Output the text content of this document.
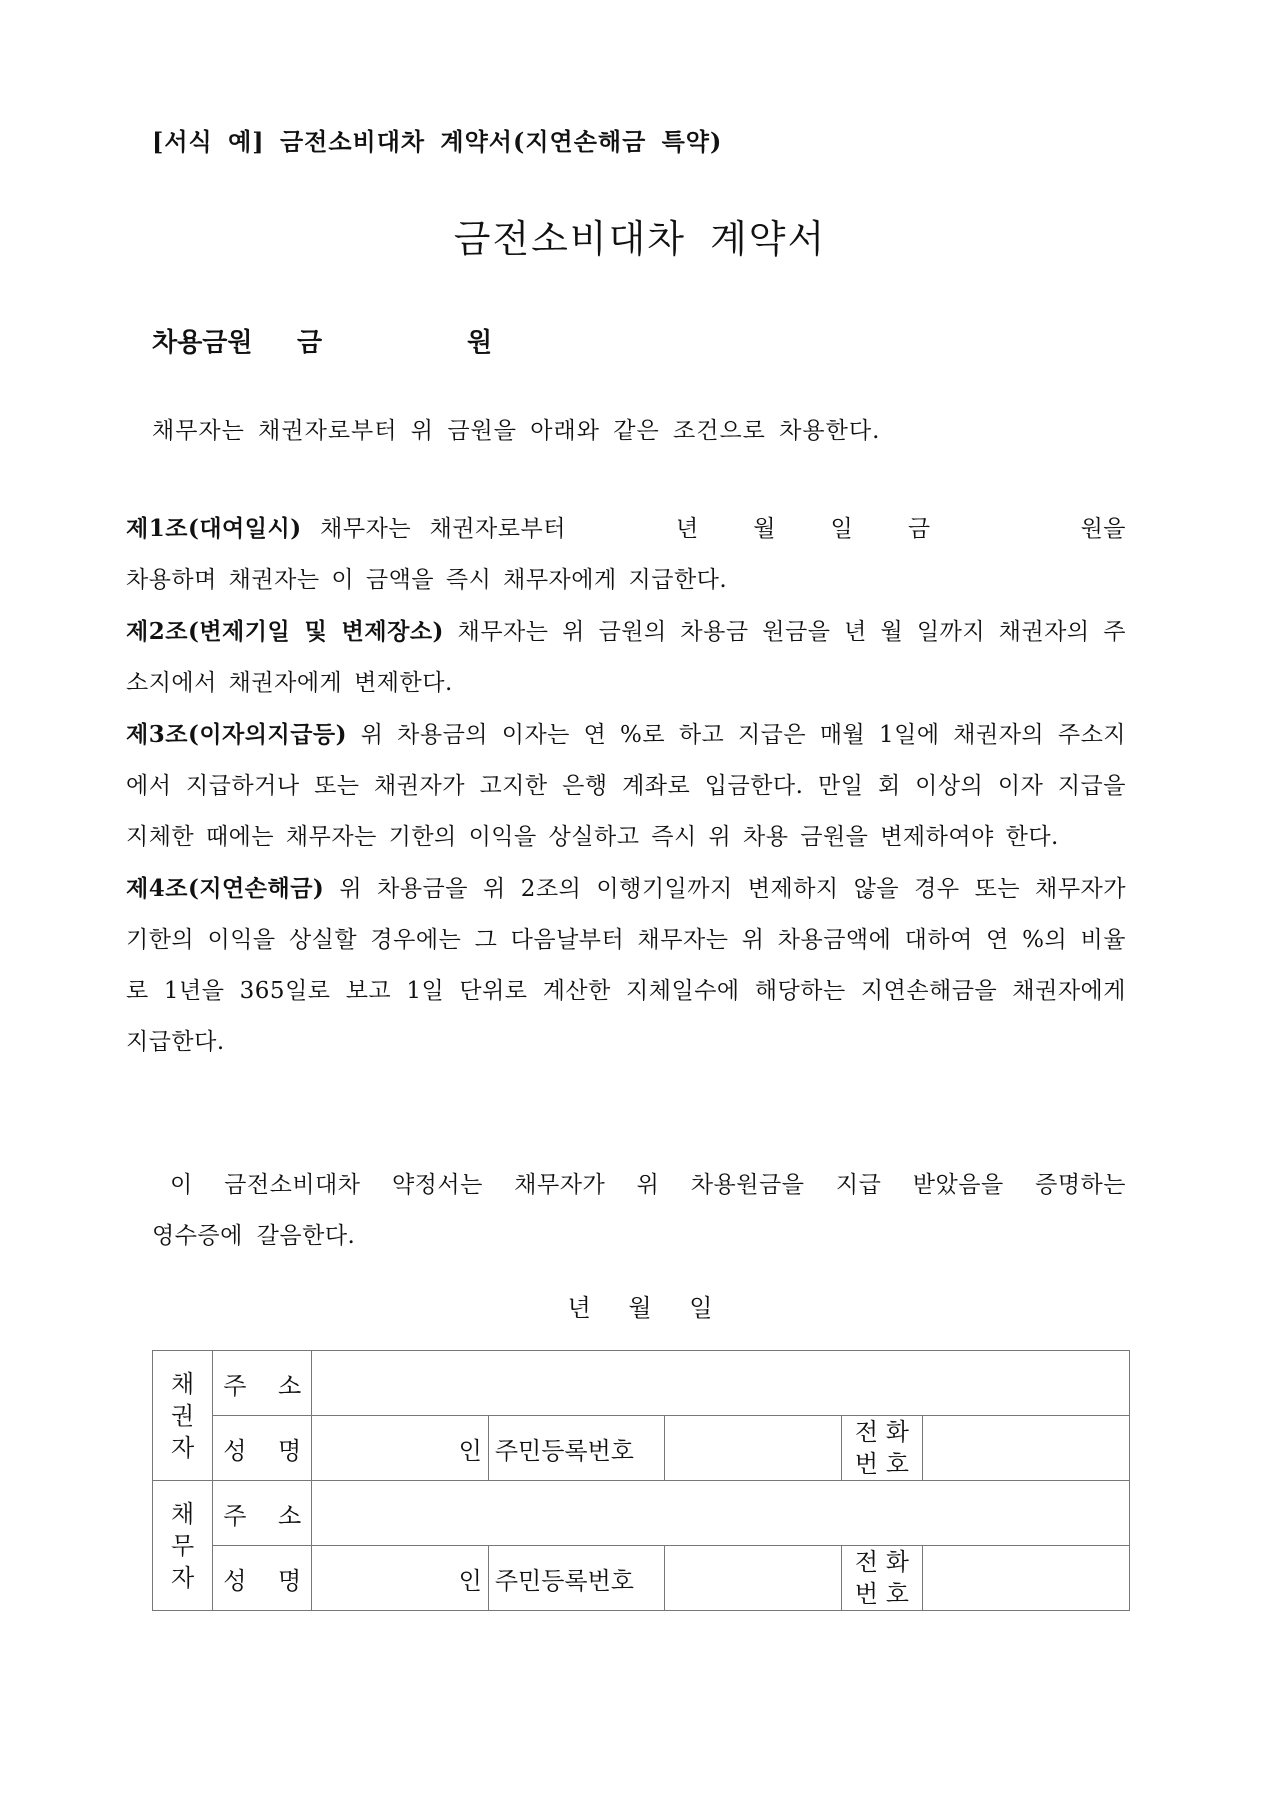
[서식 예] 금전소비대차 계약서(지연손해금 특약)
금전소비대차 계약서
차용금원 금	원
채무자는 채권자로부터 위 금원을 아래와 같은 조건으로 차용한다.

제1조(대여일시) 채무자는 채권자로부터	년 월 일 금	원을 차용하며 채권자는 이 금액을 즉시 채무자에게 지급한다.

제2조(변제기일 및 변제장소) 채무자는 위 금원의 차용금 원금을 년 월 일까지 채권자의 주소지에서 채권자에게 변제한다.

제3조(이자의지급등) 위 차용금의 이자는 연 %로 하고 지급은 매월 1일에 채권자의 주소지에서 지급하거나 또는 채권자가 고지한 은행 계좌로 입금한다. 만일 회 이상의 이자 지급을 지체한 때에는 채무자는 기한의 이익을 상실하고 즉시 위 차용 금원을 변제하여야 한다.

제4조(지연손해금) 위 차용금을 위 2조의 이행기일까지 변제하지 않을 경우 또는 채무자가 기한의 이익을 상실할 경우에는 그 다음날부터 채무자는 위 차용금액에 대하여 연 %의 비율로 1년을 365일로 보고 1일 단위로 계산한 지체일수에 해당하는 지연손해금을 채권자에게 지급한다.

이 금전소비대차 약정서는 채무자가 위 차용원금을 지급 받았음을 증명하는
영수증에 갈음한다.
년 월 일
채
권
자	주 소					
	성 명	인	주민등록번호		전 화
번 호	

채
무
자	주 소					
	성 명	인	주민등록번호		전 화
번 호	
